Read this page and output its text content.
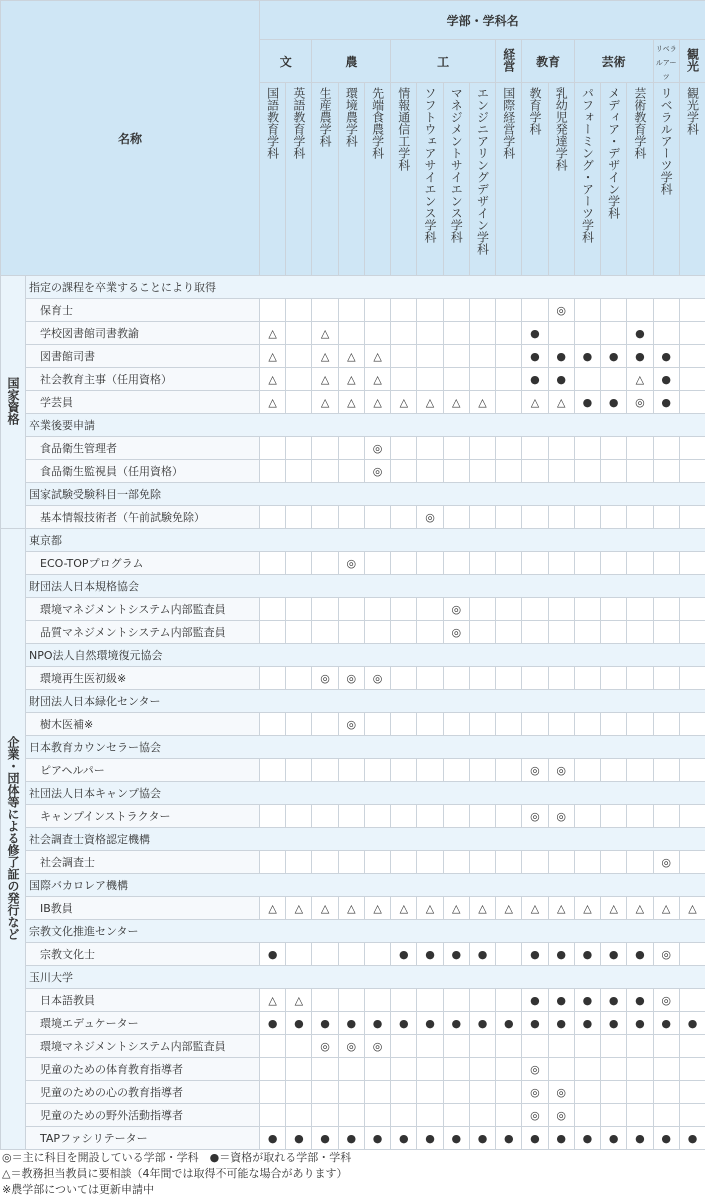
名称		学部・学科名																
		文		農			工				経営	教育		芸術			リベラルアーツ	観光
		国語教育学科	英語教育学科	生産農学科	環境農学科	先端食農学科	情報通信工学科	ソフトウェアサイエンス学科	マネジメントサイエンス学科	エンジニアリングデザイン学科	国際経営学科	教育学科	乳幼児発達学科	パフォーミング・アーツ学科	メディア・デザイン学科	芸術教育学科	リベラルアーツ学科	観光学科
国家資格	指定の課程を卒業することにより取得																	
	保育士												◎					
	学校図書館司書教諭	△		△								●				●		
	図書館司書	△		△	△	△						●	●	●	●	●	●	
	社会教育主事（任用資格）	△		△	△	△						●	●			△	●	
	学芸員	△		△	△	△	△	△	△	△		△	△	●	●	◎	●	
	卒業後要申請																	
	食品衛生管理者					◎												
	食品衛生監視員（任用資格）					◎												
	国家試験受験科目一部免除																	
	基本情報技術者（午前試験免除）							◎										
企業・団体等による修了証の発行など	東京都																	
	ECO-TOPプログラム				◎													
	財団法人日本規格協会																	
	環境マネジメントシステム内部監査員								◎									
	品質マネジメントシステム内部監査員								◎									
	NPO法人自然環境復元協会																	
	環境再生医初級※			◎	◎	◎												
	財団法人日本緑化センター																	
	樹木医補※				◎													
	日本教育カウンセラー協会																	
	ピアヘルパー											◎	◎					
	社団法人日本キャンプ協会																	
	キャンプインストラクター											◎	◎					
	社会調査士資格認定機構																	
	社会調査士																◎	
	国際バカロレア機構																	
	IB教員	△	△	△	△	△	△	△	△	△	△	△	△	△	△	△	△	△
	宗教文化推進センター																	
	宗教文化士	●					●	●	●	●		●	●	●	●	●	◎	
	玉川大学																	
	日本語教員	△	△									●	●	●	●	●	◎	
	環境エデュケーター	●	●	●	●	●	●	●	●	●	●	●	●	●	●	●	●	●
	環境マネジメントシステム内部監査員			◎	◎	◎												
	児童のための体育教育指導者											◎						
	児童のための心の教育指導者											◎	◎					
	児童のための野外活動指導者											◎	◎					
	TAPファシリテーター	●	●	●	●	●	●	●	●	●	●	●	●	●	●	●	●	●
◎＝主に科目を開設している学部・学科　●＝資格が取れる学部・学科
△＝教務担当教員に要相談（4年間では取得不可能な場合があります）
※農学部については更新申請中
